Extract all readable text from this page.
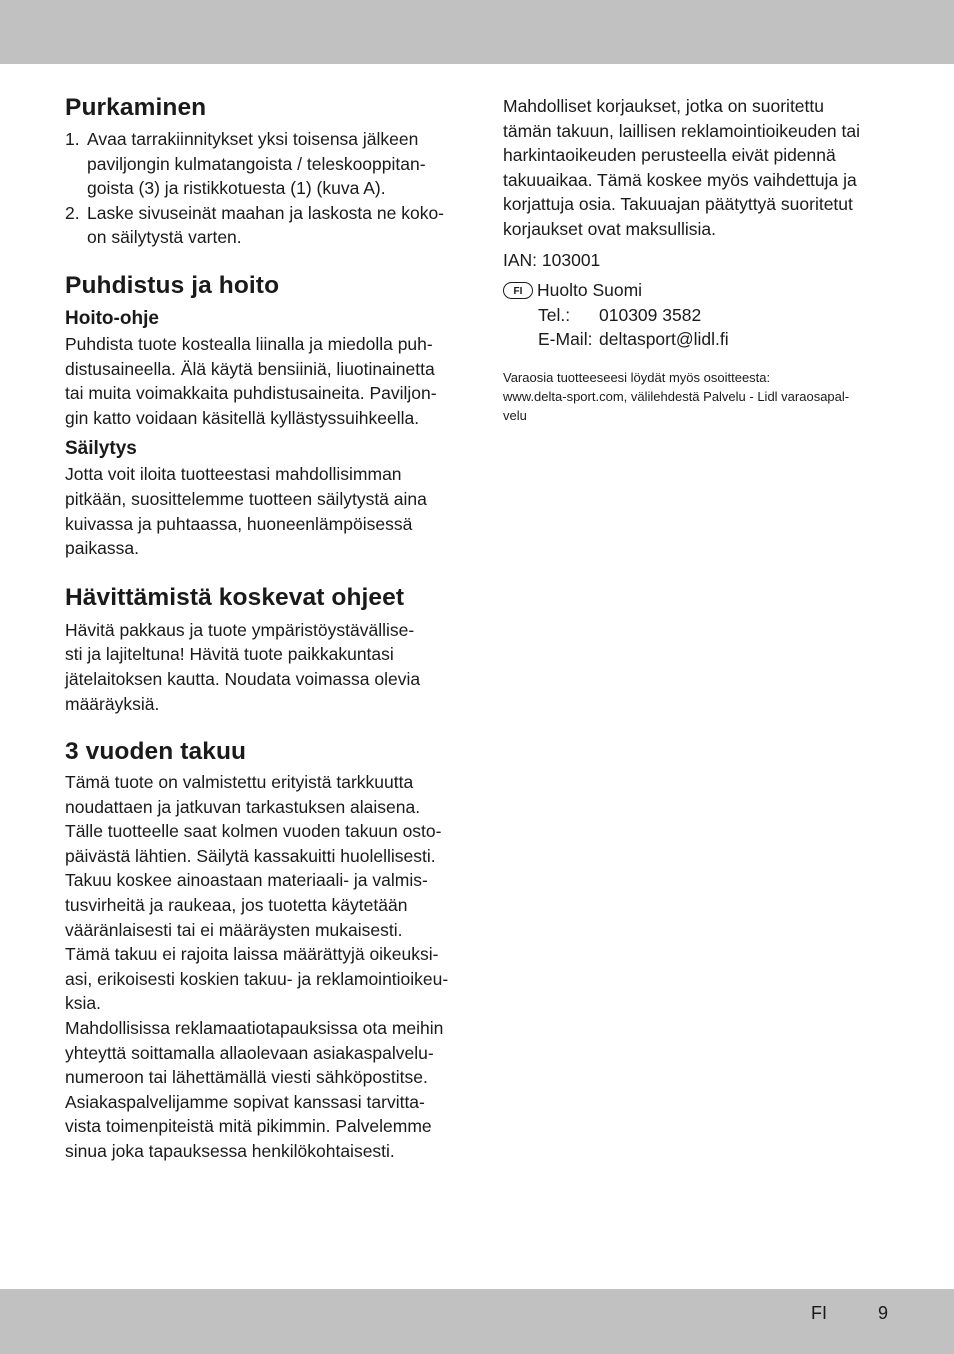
Purkaminen
1. Avaa tarrakiinnitykset yksi toisensa jälkeen
paviljongin kulmatangoista / teleskooppitan-
goista (3) ja ristikkotuesta (1) (kuva A).
2. Laske sivuseinät maahan ja laskosta ne koko-
on säilytystä varten.
Puhdistus ja hoito
Hoito-ohje

Puhdista tuote kostealla liinalla ja miedolla puh-
distusaineella. Älä käytä bensiiniä, liuotinainetta
tai muita voimakkaita puhdistusaineita. Paviljon-
gin katto voidaan käsitellä kyllästyssuihkeella.

Säilytys

Jotta voit iloita tuotteestasi mahdollisimman
pitkään, suosittelemme tuotteen säilytystä aina
kuivassa ja puhtaassa, huoneenlämpöisessä
paikassa.

Hävittämistä koskevat ohjeet

Hävitä pakkaus ja tuote ympäristöystävällise-
sti ja lajiteltuna! Hävitä tuote paikkakuntasi
jätelaitoksen kautta. Noudata voimassa olevia
määräyksiä.

3 vuoden takuu

Tämä tuote on valmistettu erityistä tarkkuutta
noudattaen ja jatkuvan tarkastuksen alaisena.
Tälle tuotteelle saat kolmen vuoden takuun osto-
päivästä lähtien. Säilytä kassakuitti huolellisesti.
Takuu koskee ainoastaan materiaali- ja valmis-
tusvirheitä ja raukeaa, jos tuotetta käytetään
vääränlaisesti tai ei määräysten mukaisesti.
Tämä takuu ei rajoita laissa määrättyjä oikeuksi-
asi, erikoisesti koskien takuu- ja reklamointioikeu-
ksia.
Mahdollisissa reklamaatiotapauksissa ota meihin
yhteyttä soittamalla allaolevaan asiakaspalvelu-
numeroon tai lähettämällä viesti sähköpostitse.
Asiakaspalvelijamme sopivat kanssasi tarvitta-
vista toimenpiteistä mitä pikimmin. Palvelemme
sinua joka tapauksessa henkilökohtaisesti.

Mahdolliset korjaukset, jotka on suoritettu
tämän takuun, laillisen reklamointioikeuden tai
harkintaoikeuden perusteella eivät pidennä
takuuaikaa. Tämä koskee myös vaihdettuja ja
korjattuja osia. Takuuajan päätyttyä suoritetut
korjaukset ovat maksullisia.

IAN: 103001

FI Huolto Suomi
Tel.: 010309 3582
E-Mail: deltasport@lidl.fi

Varaosia tuotteeseesi löydät myös osoitteesta:
www.delta-sport.com, välilehdestä Palvelu - Lidl varaosapal-
velu

FI	9
